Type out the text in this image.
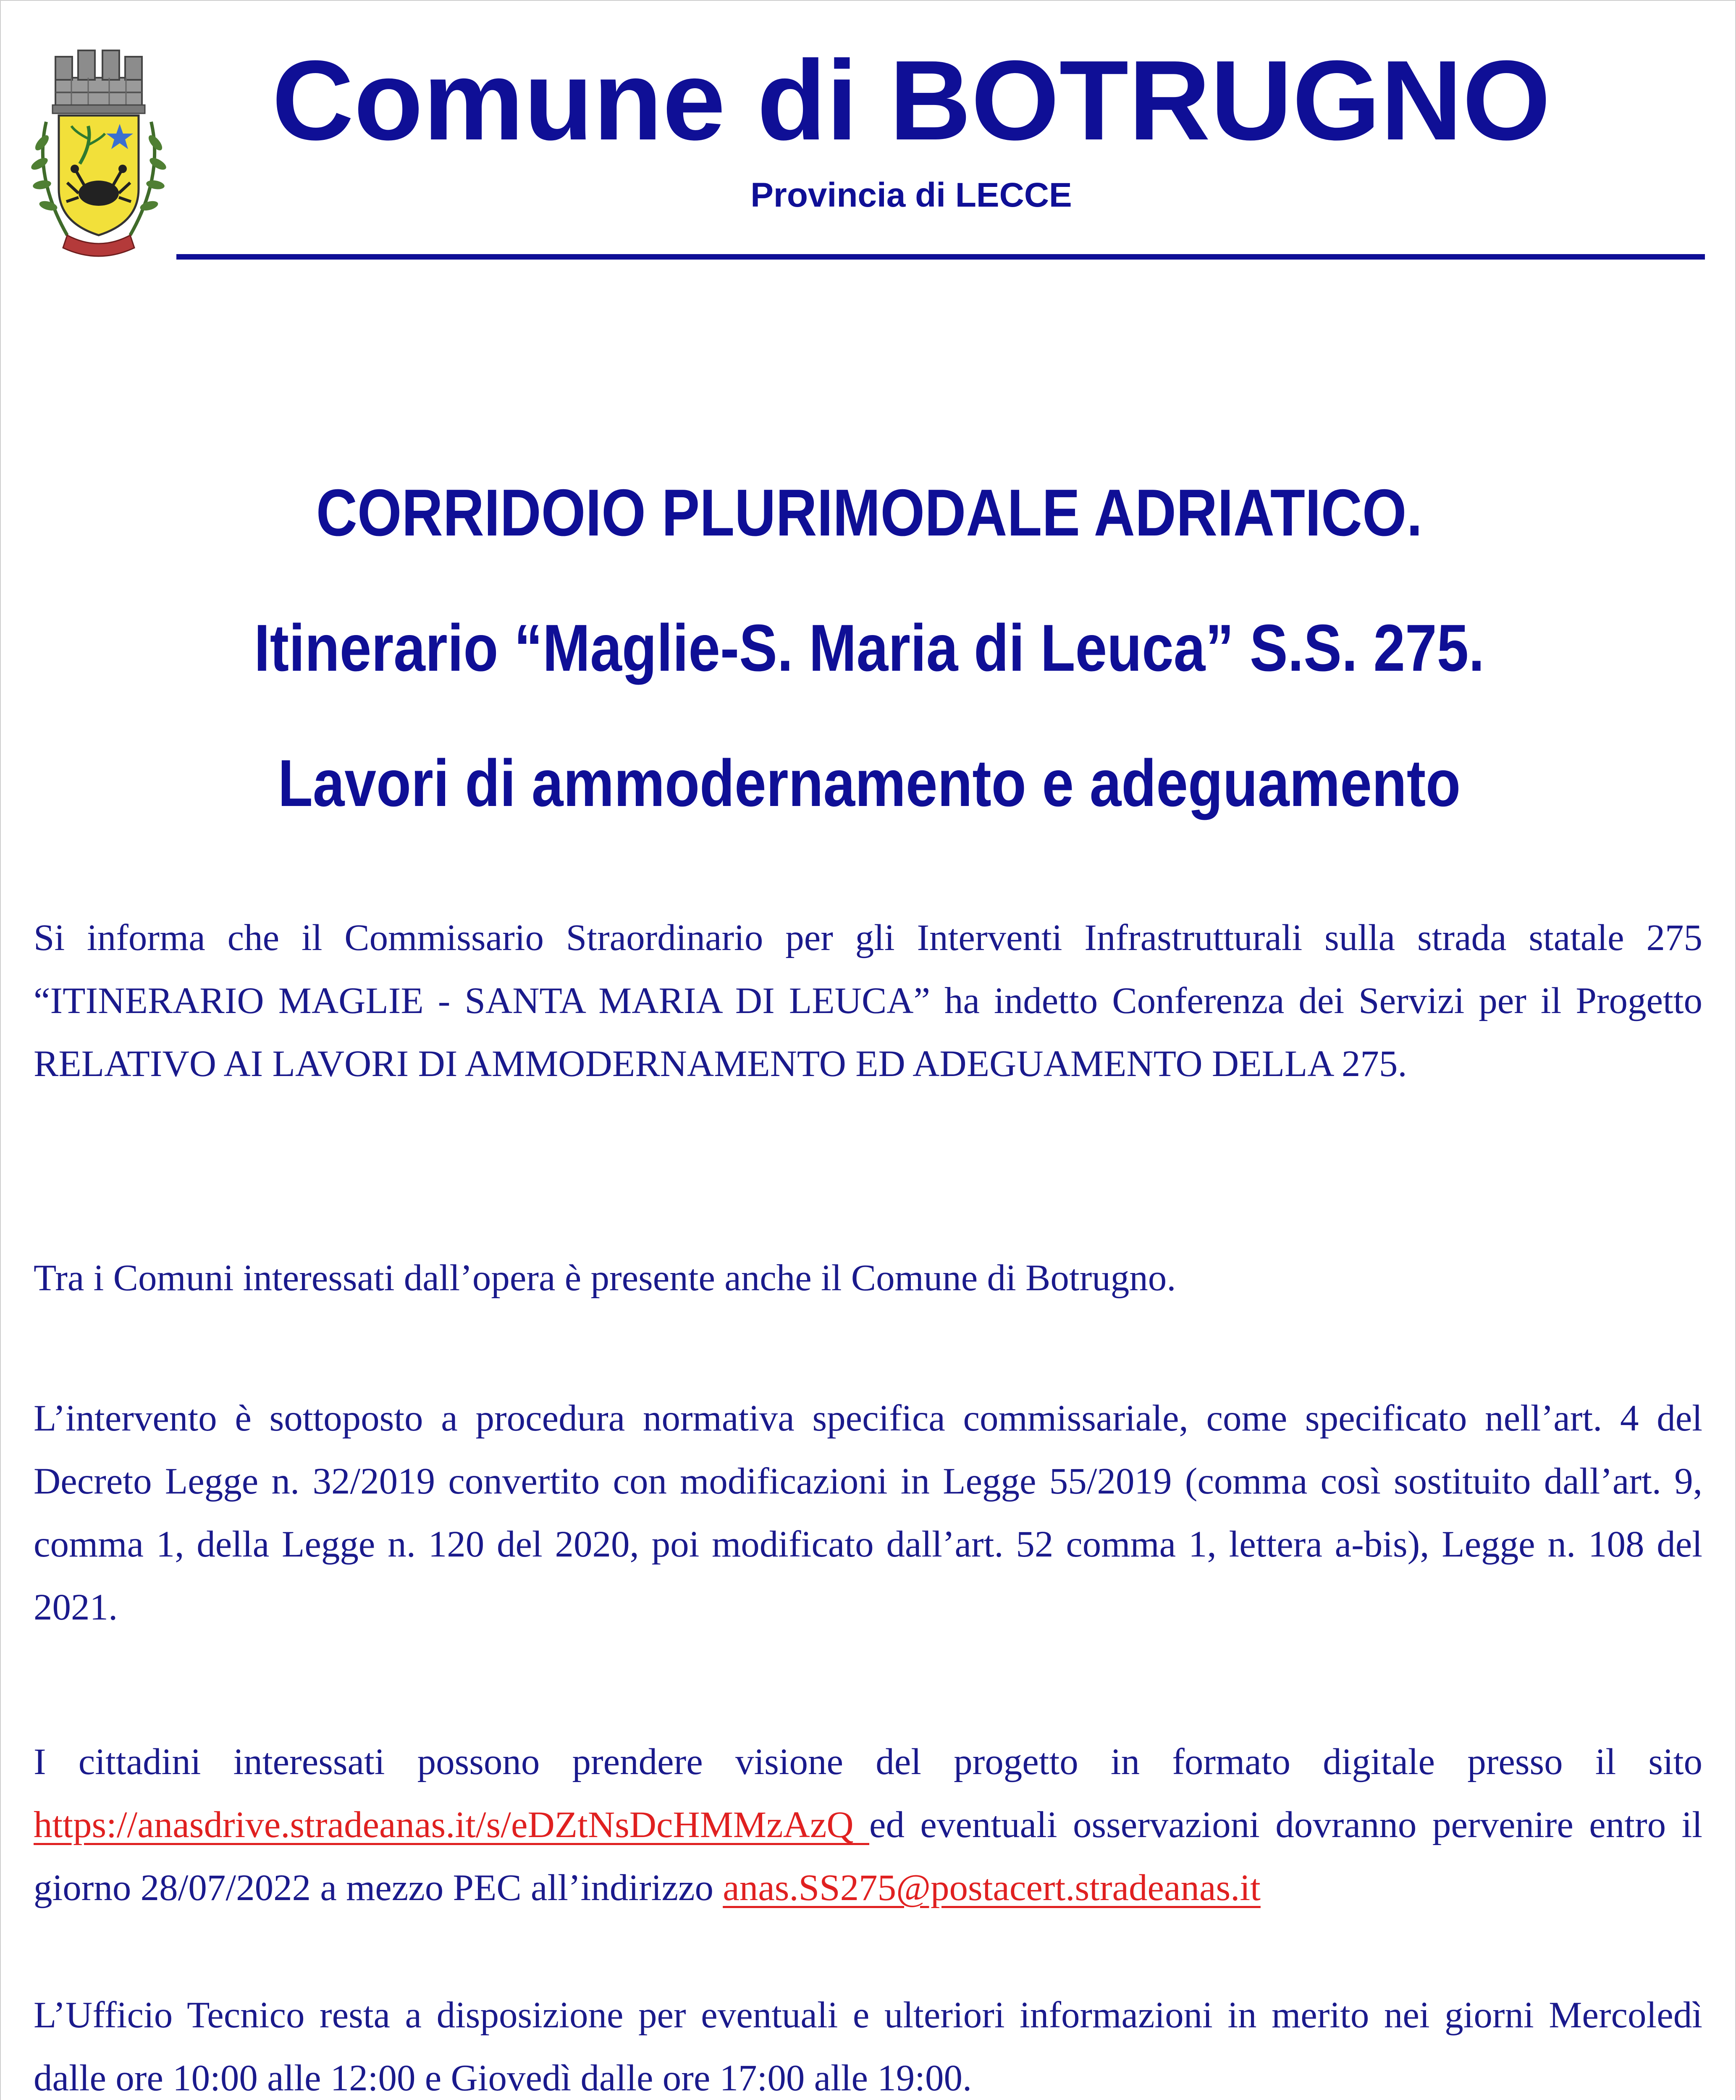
Comune di BOTRUGNO
Provincia di LECCE
CORRIDOIO PLURIMODALE ADRIATICO.
Itinerario “Maglie-S. Maria di Leuca” S.S. 275.
Lavori di ammodernamento e adeguamento

Si informa che il Commissario Straordinario per gli Interventi Infrastrutturali sulla strada statale 275 “ITINERARIO MAGLIE - SANTA MARIA DI LEUCA” ha indetto Conferenza dei Servizi per il Progetto RELATIVO AI LAVORI DI AMMODERNAMENTO ED ADEGUAMENTO DELLA 275.

Tra i Comuni interessati dall’opera è presente anche il Comune di Botrugno.

L’intervento è sottoposto a procedura normativa specifica commissariale, come specificato nell’art. 4 del Decreto Legge n. 32/2019 convertito con modificazioni in Legge 55/2019 (comma così sostituito dall’art. 9, comma 1, della Legge n. 120 del 2020, poi modificato dall’art. 52 comma 1, lettera a-bis), Legge n. 108 del 2021.

I cittadini interessati possono prendere visione del progetto in formato digitale presso il sito https://anasdrive.stradeanas.it/s/eDZtNsDcHMMzAzQ ed eventuali osservazioni dovranno pervenire entro il giorno 28/07/2022 a mezzo PEC all’indirizzo anas.SS275@postacert.stradeanas.it

L’Ufficio Tecnico resta a disposizione per eventuali e ulteriori informazioni in merito nei giorni Mercoledì dalle ore 10:00 alle 12:00 e Giovedì dalle ore 17:00 alle 19:00.
